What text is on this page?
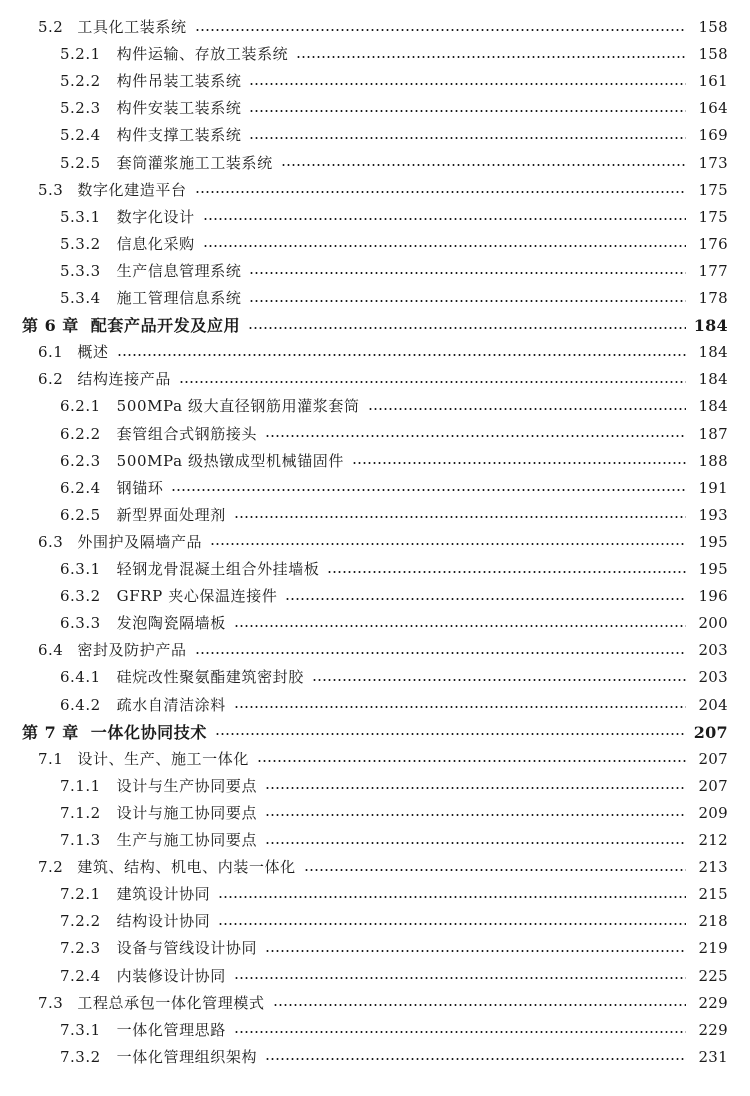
5.2 工具化工装系统	158
5.2.1 构件运输、存放工装系统	158
5.2.2 构件吊装工装系统	161
5.2.3 构件安装工装系统	164
5.2.4 构件支撑工装系统	169
5.2.5 套筒灌浆施工工装系统	173
5.3 数字化建造平台	175
5.3.1 数字化设计	175
5.3.2 信息化采购	176
5.3.3 生产信息管理系统	177
5.3.4 施工管理信息系统	178
第 6 章 配套产品开发及应用	184
6.1 概述	184
6.2 结构连接产品	184
6.2.1 500MPa 级大直径钢筋用灌浆套筒	184
6.2.2 套管组合式钢筋接头	187
6.2.3 500MPa 级热镦成型机械锚固件	188
6.2.4 钢锚环	191
6.2.5 新型界面处理剂	193
6.3 外围护及隔墙产品	195
6.3.1 轻钢龙骨混凝土组合外挂墙板	195
6.3.2 GFRP 夹心保温连接件	196
6.3.3 发泡陶瓷隔墙板	200
6.4 密封及防护产品	203
6.4.1 硅烷改性聚氨酯建筑密封胶	203
6.4.2 疏水自清洁涂料	204
第 7 章 一体化协同技术	207
7.1 设计、生产、施工一体化	207
7.1.1 设计与生产协同要点	207
7.1.2 设计与施工协同要点	209
7.1.3 生产与施工协同要点	212
7.2 建筑、结构、机电、内装一体化	213
7.2.1 建筑设计协同	215
7.2.2 结构设计协同	218
7.2.3 设备与管线设计协同	219
7.2.4 内装修设计协同	225
7.3 工程总承包一体化管理模式	229
7.3.1 一体化管理思路	229
7.3.2 一体化管理组织架构	231
